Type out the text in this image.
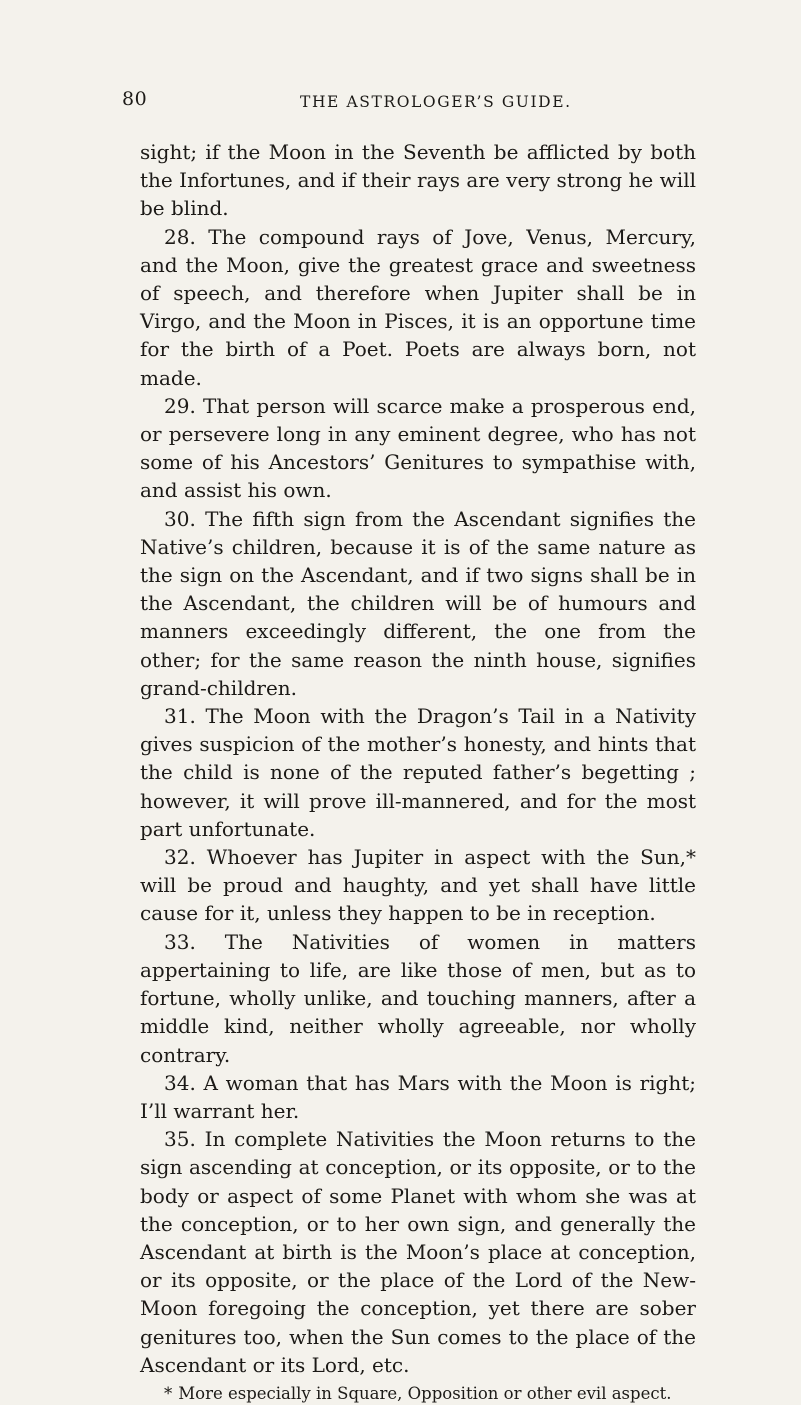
80	THE ASTROLOGER’S GUIDE.

sight; if the Moon in the Seventh be afflicted by both the Infortunes, and if their rays are very strong he will be blind.

28. The compound rays of Jove, Venus, Mercury, and the Moon, give the greatest grace and sweetness of speech, and therefore when Jupiter shall be in Virgo, and the Moon in Pisces, it is an opportune time for the birth of a Poet. Poets are always born, not made.

29. That person will scarce make a prosperous end, or persevere long in any eminent degree, who has not some of his Ancestors’ Genitures to sympathise with, and assist his own.

30. The fifth sign from the Ascendant signifies the Native’s children, because it is of the same nature as the sign on the Ascendant, and if two signs shall be in the Ascendant, the children will be of humours and manners exceedingly different, the one from the other; for the same reason the ninth house, signifies grand-children.

31. The Moon with the Dragon’s Tail in a Nativity gives suspicion of the mother’s honesty, and hints that the child is none of the reputed father’s begetting ; however, it will prove ill-mannered, and for the most part unfortunate.

32. Whoever has Jupiter in aspect with the Sun,* will be proud and haughty, and yet shall have little cause for it, unless they happen to be in reception.

33. The Nativities of women in matters appertaining to life, are like those of men, but as to fortune, wholly unlike, and touching manners, after a middle kind, neither wholly agreeable, nor wholly contrary.

34. A woman that has Mars with the Moon is right; I’ll warrant her.

35. In complete Nativities the Moon returns to the sign ascending at conception, or its opposite, or to the body or aspect of some Planet with whom she was at the conception, or to her own sign, and generally the Ascendant at birth is the Moon’s place at conception, or its opposite, or the place of the Lord of the New-Moon foregoing the conception, yet there are sober genitures too, when the Sun comes to the place of the Ascendant or its Lord, etc.

* More especially in Square, Opposition or other evil aspect.
